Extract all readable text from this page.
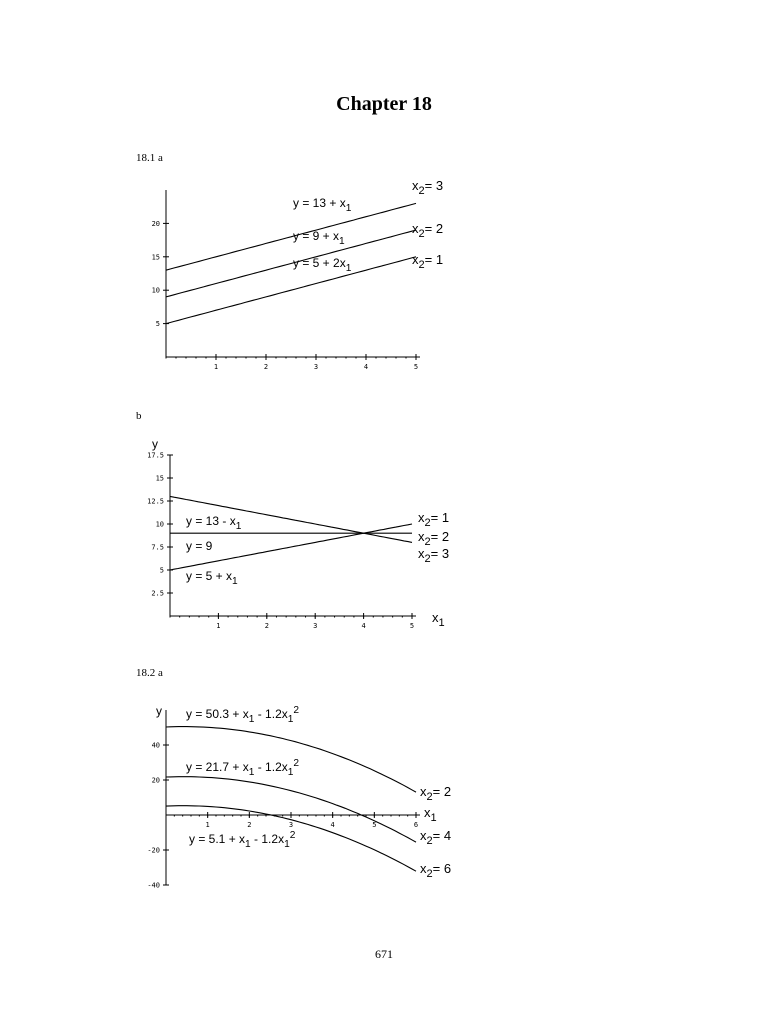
Chapter 18
18.1 a
b
18.2 a
1	2	3	4	5
5
10
15
20
$y = 5 + 2x_1$
x2= 1
$y = 9 + x_1$
x2= 2
$y = 13 + x_1$
x2= 3
1	2	3	4	5
2.5
5
7.5
10
12.5
15
17.5
y
x1
$y = 5 + x_1$
x2= 1
y = 9
x2= 2
$y = 13 - x_1$
x2= 3
1	2	3	4	5	6
-40
-20
20
40
y
x1
$y = 50.3 + x_1 - 1.2x_1^2$
x2= 2
$y = 21.7 + x_1 - 1.2x_1^2$
x2= 4
$y = 5.1 + x_1 - 1.2x_1^2$
x2= 6
671
